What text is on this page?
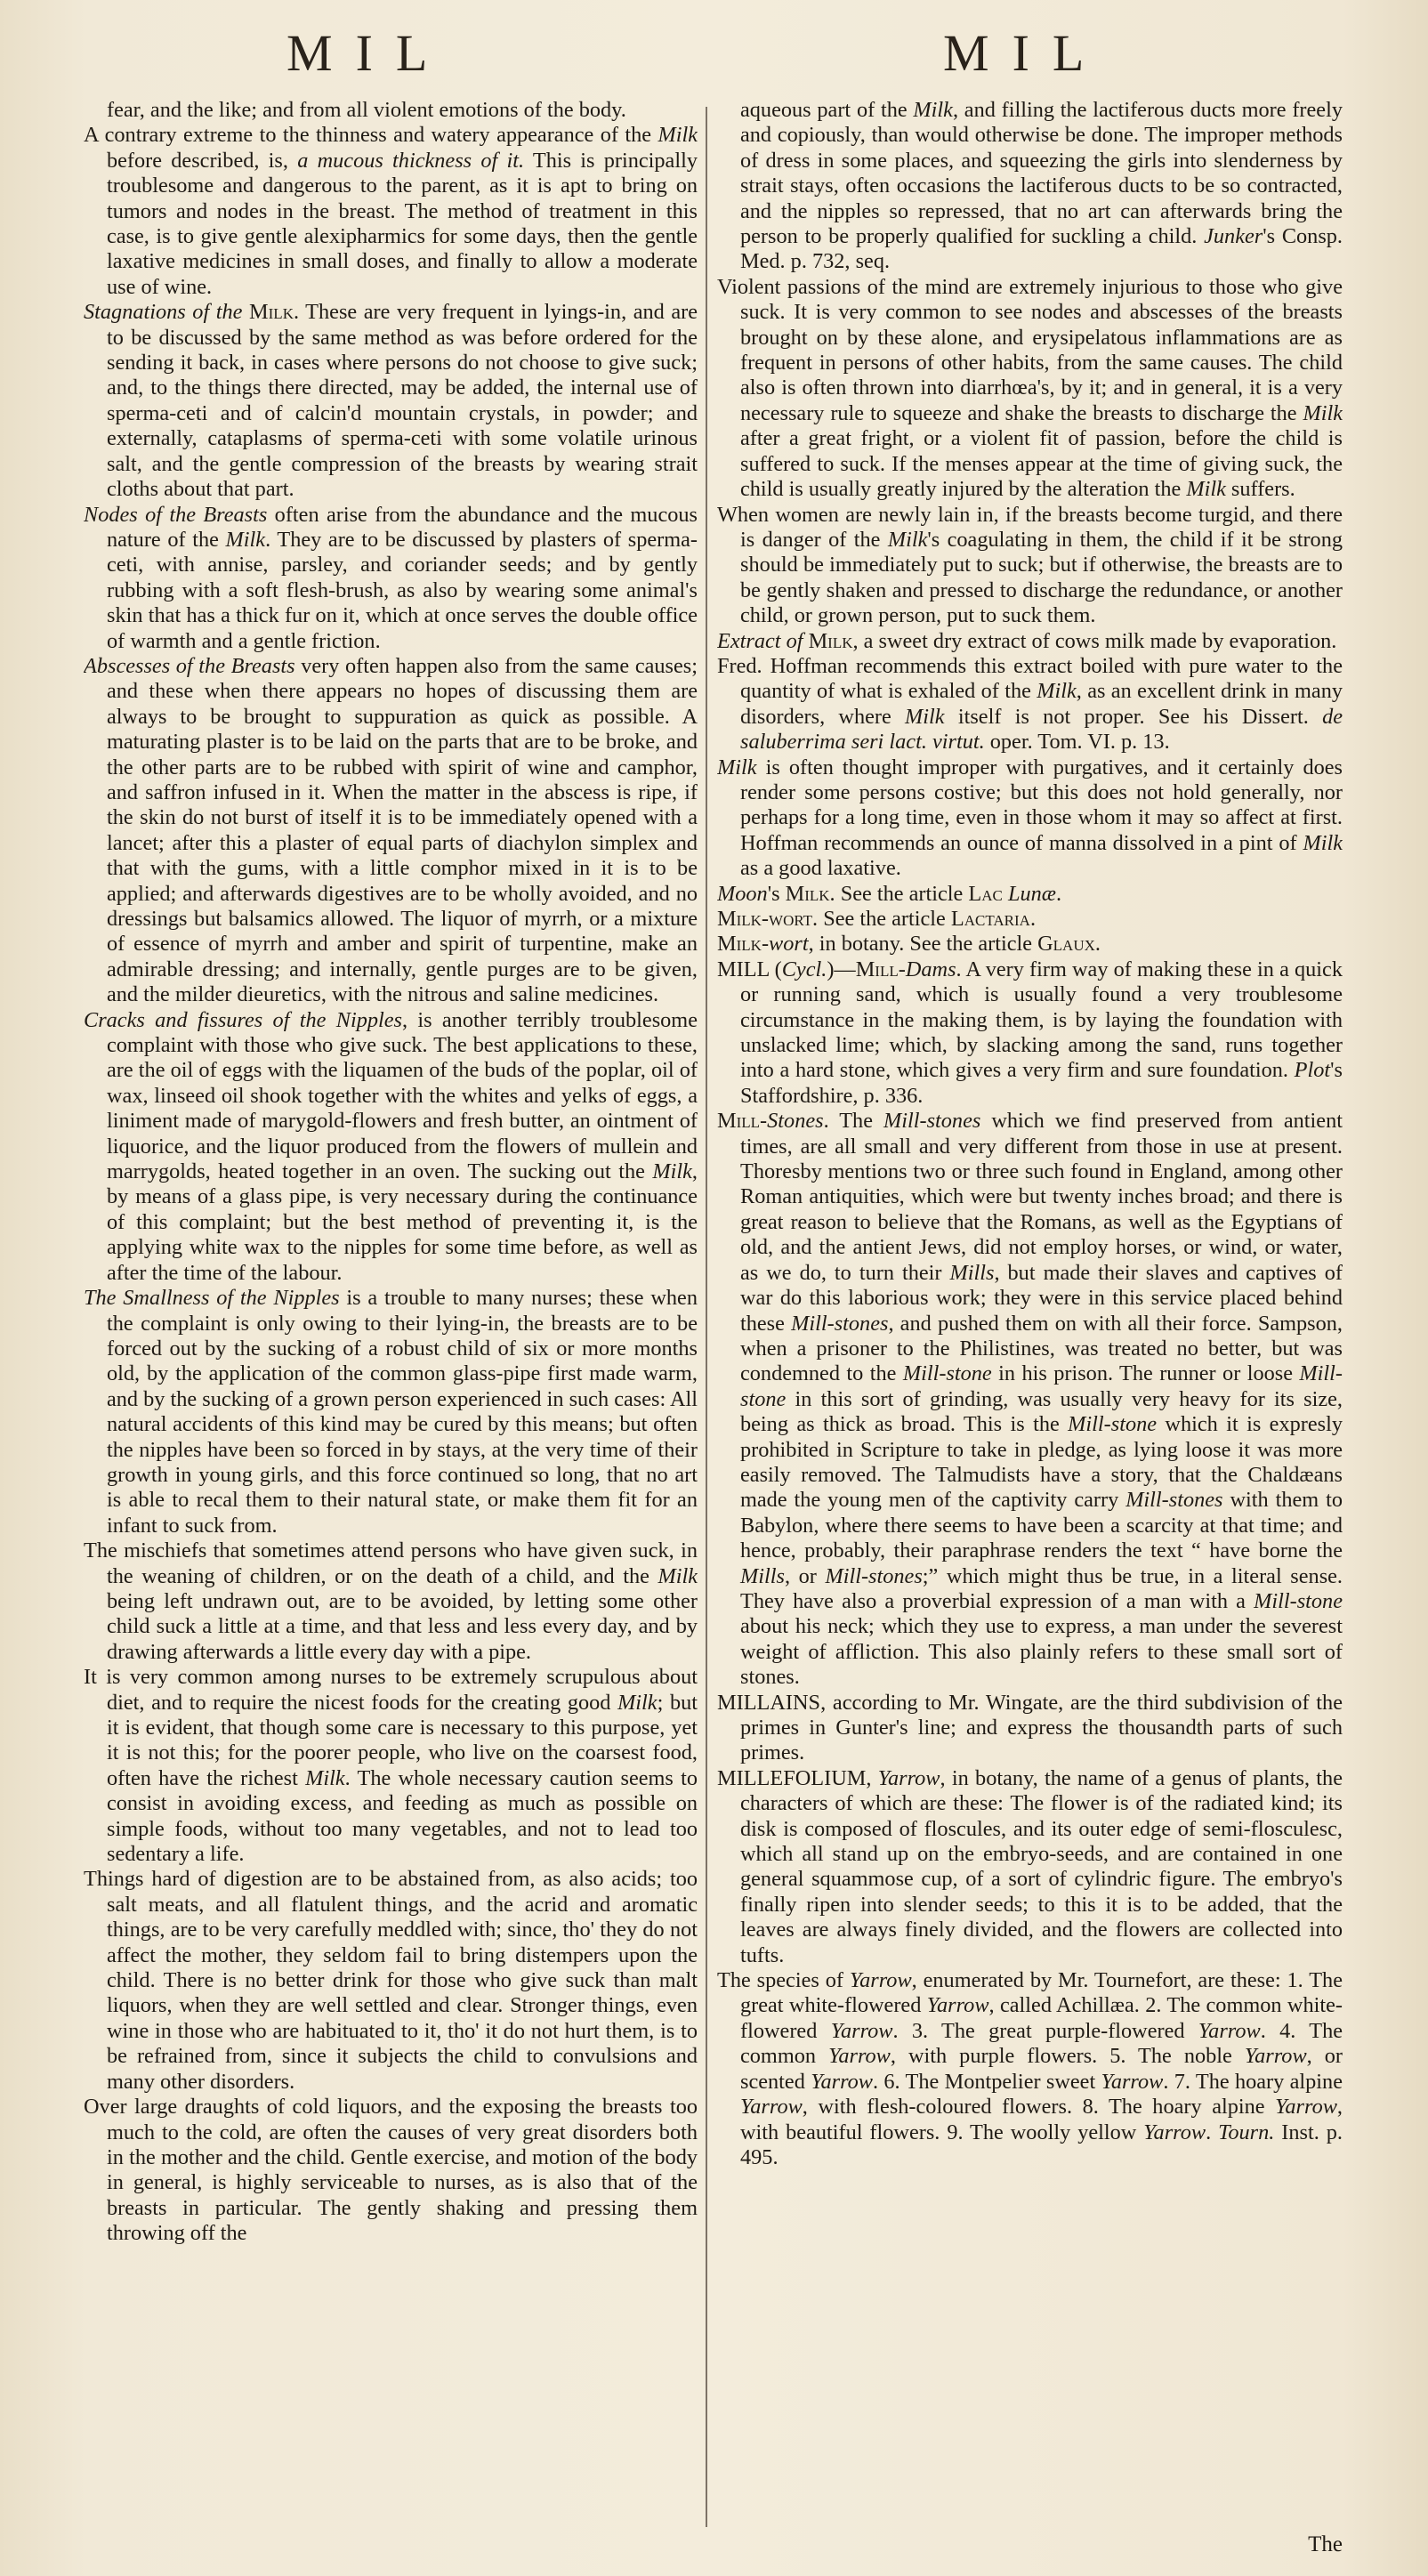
MIL	MIL

fear, and the like; and from all violent emotions of the body.

A contrary extreme to the thinness and watery appearance of the Milk before described, is, a mucous thickness of it. This is principally troublesome and dangerous to the parent, as it is apt to bring on tumors and nodes in the breast. The method of treatment in this case, is to give gentle alexipharmics for some days, then the gentle laxative medicines in small doses, and finally to allow a moderate use of wine.

Stagnations of the Milk. These are very frequent in lyings-in, and are to be discussed by the same method as was before ordered for the sending it back, in cases where persons do not choose to give suck; and, to the things there directed, may be added, the internal use of sperma-ceti and of calcin'd mountain crystals, in powder; and externally, cataplasms of sperma-ceti with some volatile urinous salt, and the gentle compression of the breasts by wearing strait cloths about that part.

Nodes of the Breasts often arise from the abundance and the mucous nature of the Milk. They are to be discussed by plasters of sperma-ceti, with annise, parsley, and coriander seeds; and by gently rubbing with a soft flesh-brush, as also by wearing some animal's skin that has a thick fur on it, which at once serves the double office of warmth and a gentle friction.

Abscesses of the Breasts very often happen also from the same causes; and these when there appears no hopes of discussing them are always to be brought to suppuration as quick as possible. A maturating plaster is to be laid on the parts that are to be broke, and the other parts are to be rubbed with spirit of wine and camphor, and saffron infused in it. When the matter in the abscess is ripe, if the skin do not burst of itself it is to be immediately opened with a lancet; after this a plaster of equal parts of diachylon simplex and that with the gums, with a little comphor mixed in it is to be applied; and afterwards digestives are to be wholly avoided, and no dressings but balsamics allowed. The liquor of myrrh, or a mixture of essence of myrrh and amber and spirit of turpentine, make an admirable dressing; and internally, gentle purges are to be given, and the milder dieuretics, with the nitrous and saline medicines.

Cracks and fissures of the Nipples, is another terribly troublesome complaint with those who give suck. The best applications to these, are the oil of eggs with the liquamen of the buds of the poplar, oil of wax, linseed oil shook together with the whites and yelks of eggs, a liniment made of marygold-flowers and fresh butter, an ointment of liquorice, and the liquor produced from the flowers of mullein and marrygolds, heated together in an oven. The sucking out the Milk, by means of a glass pipe, is very necessary during the continuance of this complaint; but the best method of preventing it, is the applying white wax to the nipples for some time before, as well as after the time of the labour.

The Smallness of the Nipples is a trouble to many nurses; these when the complaint is only owing to their lying-in, the breasts are to be forced out by the sucking of a robust child of six or more months old, by the application of the common glass-pipe first made warm, and by the sucking of a grown person experienced in such cases: All natural accidents of this kind may be cured by this means; but often the nipples have been so forced in by stays, at the very time of their growth in young girls, and this force continued so long, that no art is able to recal them to their natural state, or make them fit for an infant to suck from.

The mischiefs that sometimes attend persons who have given suck, in the weaning of children, or on the death of a child, and the Milk being left undrawn out, are to be avoided, by letting some other child suck a little at a time, and that less and less every day, and by drawing afterwards a little every day with a pipe.

It is very common among nurses to be extremely scrupulous about diet, and to require the nicest foods for the creating good Milk; but it is evident, that though some care is necessary to this purpose, yet it is not this; for the poorer people, who live on the coarsest food, often have the richest Milk. The whole necessary caution seems to consist in avoiding excess, and feeding as much as possible on simple foods, without too many vegetables, and not to lead too sedentary a life.

Things hard of digestion are to be abstained from, as also acids; too salt meats, and all flatulent things, and the acrid and aromatic things, are to be very carefully meddled with; since, tho' they do not affect the mother, they seldom fail to bring distempers upon the child. There is no better drink for those who give suck than malt liquors, when they are well settled and clear. Stronger things, even wine in those who are habituated to it, tho' it do not hurt them, is to be refrained from, since it subjects the child to convulsions and many other disorders.

Over large draughts of cold liquors, and the exposing the breasts too much to the cold, are often the causes of very great disorders both in the mother and the child. Gentle exercise, and motion of the body in general, is highly serviceable to nurses, as is also that of the breasts in particular. The gently shaking and pressing them throwing off the

aqueous part of the Milk, and filling the lactiferous ducts more freely and copiously, than would otherwise be done. The improper methods of dress in some places, and squeezing the girls into slenderness by strait stays, often occasions the lactiferous ducts to be so contracted, and the nipples so repressed, that no art can afterwards bring the person to be properly qualified for suckling a child. Junker's Consp. Med. p. 732, seq.

Violent passions of the mind are extremely injurious to those who give suck. It is very common to see nodes and abscesses of the breasts brought on by these alone, and erysipelatous inflammations are as frequent in persons of other habits, from the same causes. The child also is often thrown into diarrhœa's, by it; and in general, it is a very necessary rule to squeeze and shake the breasts to discharge the Milk after a great fright, or a violent fit of passion, before the child is suffered to suck. If the menses appear at the time of giving suck, the child is usually greatly injured by the alteration the Milk suffers.

When women are newly lain in, if the breasts become turgid, and there is danger of the Milk's coagulating in them, the child if it be strong should be immediately put to suck; but if otherwise, the breasts are to be gently shaken and pressed to discharge the redundance, or another child, or grown person, put to suck them.

Extract of Milk, a sweet dry extract of cows milk made by evaporation.

Fred. Hoffman recommends this extract boiled with pure water to the quantity of what is exhaled of the Milk, as an excellent drink in many disorders, where Milk itself is not proper. See his Dissert. de saluberrima seri lact. virtut. oper. Tom. VI. p. 13.

Milk is often thought improper with purgatives, and it certainly does render some persons costive; but this does not hold generally, nor perhaps for a long time, even in those whom it may so affect at first. Hoffman recommends an ounce of manna dissolved in a pint of Milk as a good laxative.

Moon's Milk. See the article Lac Lunæ.

Milk-wort. See the article Lactaria.

Milk-wort, in botany. See the article Glaux.

MILL (Cycl.)—Mill-Dams. A very firm way of making these in a quick or running sand, which is usually found a very troublesome circumstance in the making them, is by laying the foundation with unslacked lime; which, by slacking among the sand, runs together into a hard stone, which gives a very firm and sure foundation. Plot's Staffordshire, p. 336.

Mill-Stones. The Mill-stones which we find preserved from antient times, are all small and very different from those in use at present. Thoresby mentions two or three such found in England, among other Roman antiquities, which were but twenty inches broad; and there is great reason to believe that the Romans, as well as the Egyptians of old, and the antient Jews, did not employ horses, or wind, or water, as we do, to turn their Mills, but made their slaves and captives of war do this laborious work; they were in this service placed behind these Mill-stones, and pushed them on with all their force. Sampson, when a prisoner to the Philistines, was treated no better, but was condemned to the Mill-stone in his prison. The runner or loose Mill-stone in this sort of grinding, was usually very heavy for its size, being as thick as broad. This is the Mill-stone which it is expresly prohibited in Scripture to take in pledge, as lying loose it was more easily removed. The Talmudists have a story, that the Chaldæans made the young men of the captivity carry Mill-stones with them to Babylon, where there seems to have been a scarcity at that time; and hence, probably, their paraphrase renders the text “ have borne the Mills, or Mill-stones;” which might thus be true, in a literal sense. They have also a proverbial expression of a man with a Mill-stone about his neck; which they use to express, a man under the severest weight of affliction. This also plainly refers to these small sort of stones.

MILLAINS, according to Mr. Wingate, are the third subdivision of the primes in Gunter's line; and express the thousandth parts of such primes.

MILLEFOLIUM, Yarrow, in botany, the name of a genus of plants, the characters of which are these: The flower is of the radiated kind; its disk is composed of floscules, and its outer edge of semi-flosculesc, which all stand up on the embryo-seeds, and are contained in one general squammose cup, of a sort of cylindric figure. The embryo's finally ripen into slender seeds; to this it is to be added, that the leaves are always finely divided, and the flowers are collected into tufts.

The species of Yarrow, enumerated by Mr. Tournefort, are these: 1. The great white-flowered Yarrow, called Achillæa. 2. The common white-flowered Yarrow. 3. The great purple-flowered Yarrow. 4. The common Yarrow, with purple flowers. 5. The noble Yarrow, or scented Yarrow. 6. The Montpelier sweet Yarrow. 7. The hoary alpine Yarrow, with flesh-coloured flowers. 8. The hoary alpine Yarrow, with beautiful flowers. 9. The woolly yellow Yarrow. Tourn. Inst. p. 495.

The
